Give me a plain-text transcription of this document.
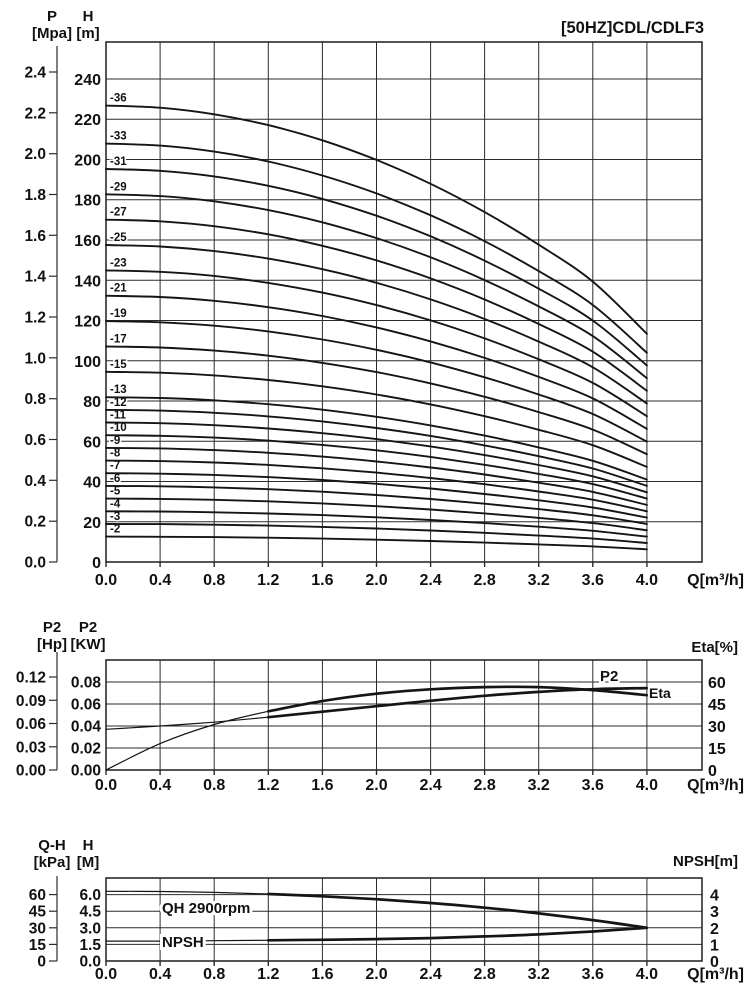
0.0 0.4 0.8 1.2 1.6 2.0 2.4 2.8 3.2 3.6 4.0 Q[m³/h]
2.4
2.2
2.0
1.8
1.6
1.4
1.2
1.0
0.8
0.6
0.4
0.2
0.0
P
[Mpa]
H
[m]
240
220
200
180
160
140
120
100
80
60
40
20
0
-2
-3
-4
-5
-6
-7
-8
-9
-10
-11
-12
-13
-15
-17
-19
-21
-23
-25
-27
-29
-31
-33
-36
0.0 0.4 0.8 1.2 1.6 2.0 2.4 2.8 3.2 3.6 4.0 Q[m³/h]
0.12
0.09
0.06
0.03
0.00
P2
[Hp]
P2
[KW]
0.08
0.06
0.04
0.02
0.00
60
45
30
15
0
Eta[%]
P2
Eta
0.0 0.4 0.8 1.2 1.6 2.0 2.4 2.8 3.2 3.6 4.0 Q[m³/h]
60
45
30
15
0
Q-H
[kPa]
H
[M]
6.0
4.5
3.0
1.5
0.0
4
3
2
1
0
NPSH[m]
QH 2900rpm
NPSH
[50HZ]CDL/CDLF3
